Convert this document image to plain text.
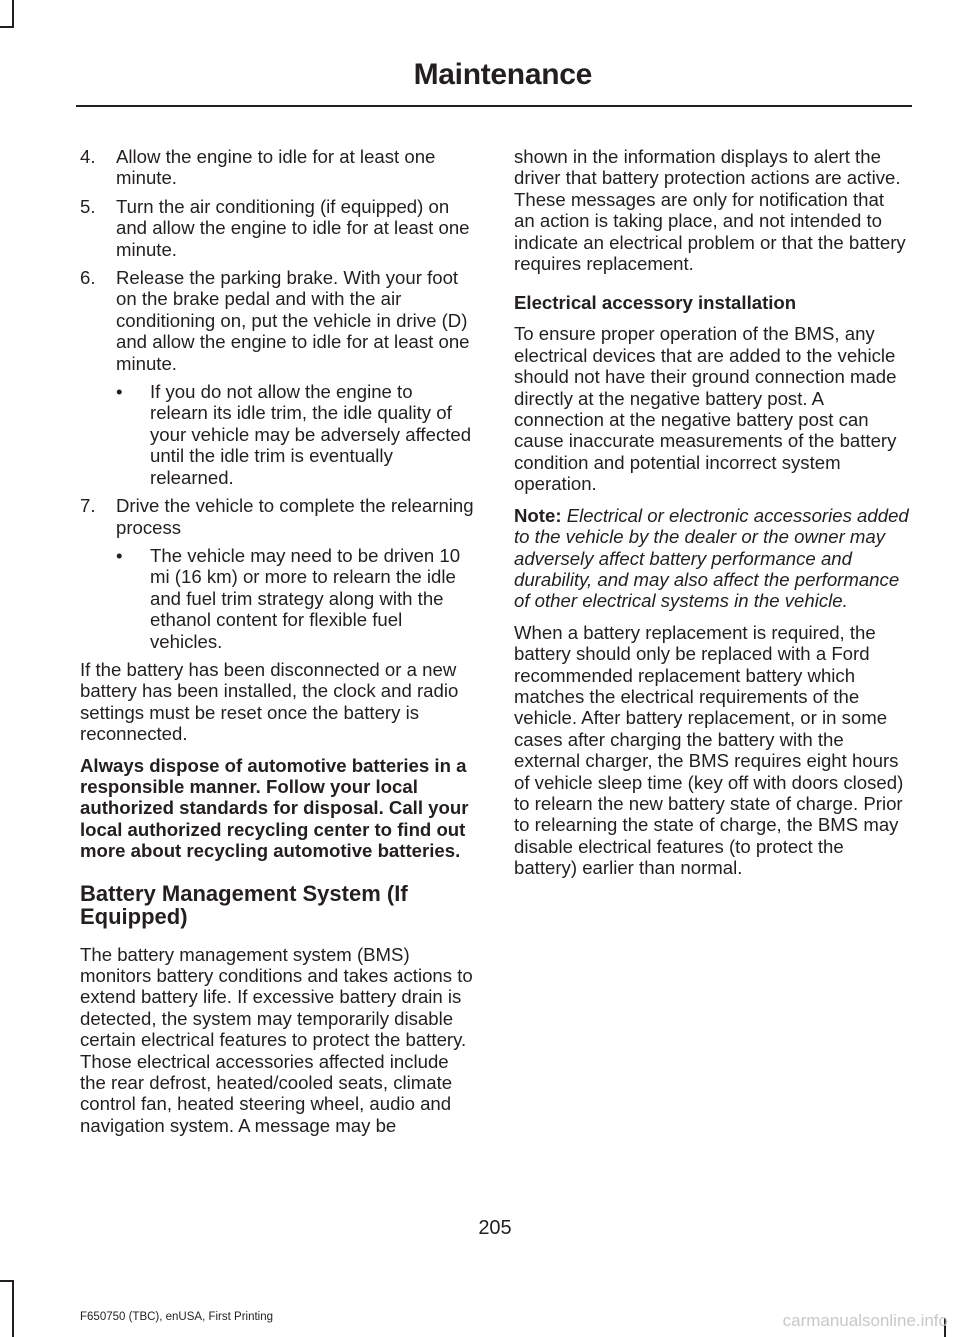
Maintenance
4. Allow the engine to idle for at least one minute.
5. Turn the air conditioning (if equipped) on and allow the engine to idle for at least one minute.
6. Release the parking brake. With your foot on the brake pedal and with the air conditioning on, put the vehicle in drive (D) and allow the engine to idle for at least one minute.
• If you do not allow the engine to relearn its idle trim, the idle quality of your vehicle may be adversely affected until the idle trim is eventually relearned.
7. Drive the vehicle to complete the relearning process
• The vehicle may need to be driven 10 mi (16 km) or more to relearn the idle and fuel trim strategy along with the ethanol content for flexible fuel vehicles.

If the battery has been disconnected or a new battery has been installed, the clock and radio settings must be reset once the battery is reconnected.

Always dispose of automotive batteries in a responsible manner. Follow your local authorized standards for disposal. Call your local authorized recycling center to find out more about recycling automotive batteries.

Battery Management System (If Equipped)

The battery management system (BMS) monitors battery conditions and takes actions to extend battery life. If excessive battery drain is detected, the system may temporarily disable certain electrical features to protect the battery. Those electrical accessories affected include the rear defrost, heated/cooled seats, climate control fan, heated steering wheel, audio and navigation system. A message may be

shown in the information displays to alert the driver that battery protection actions are active. These messages are only for notification that an action is taking place, and not intended to indicate an electrical problem or that the battery requires replacement.

Electrical accessory installation

To ensure proper operation of the BMS, any electrical devices that are added to the vehicle should not have their ground connection made directly at the negative battery post. A connection at the negative battery post can cause inaccurate measurements of the battery condition and potential incorrect system operation.

Note: Electrical or electronic accessories added to the vehicle by the dealer or the owner may adversely affect battery performance and durability, and may also affect the performance of other electrical systems in the vehicle.

When a battery replacement is required, the battery should only be replaced with a Ford recommended replacement battery which matches the electrical requirements of the vehicle. After battery replacement, or in some cases after charging the battery with the external charger, the BMS requires eight hours of vehicle sleep time (key off with doors closed) to relearn the new battery state of charge. Prior to relearning the state of charge, the BMS may disable electrical features (to protect the battery) earlier than normal.

205
F650750 (TBC), enUSA, First Printing	carmanualsonline.info
